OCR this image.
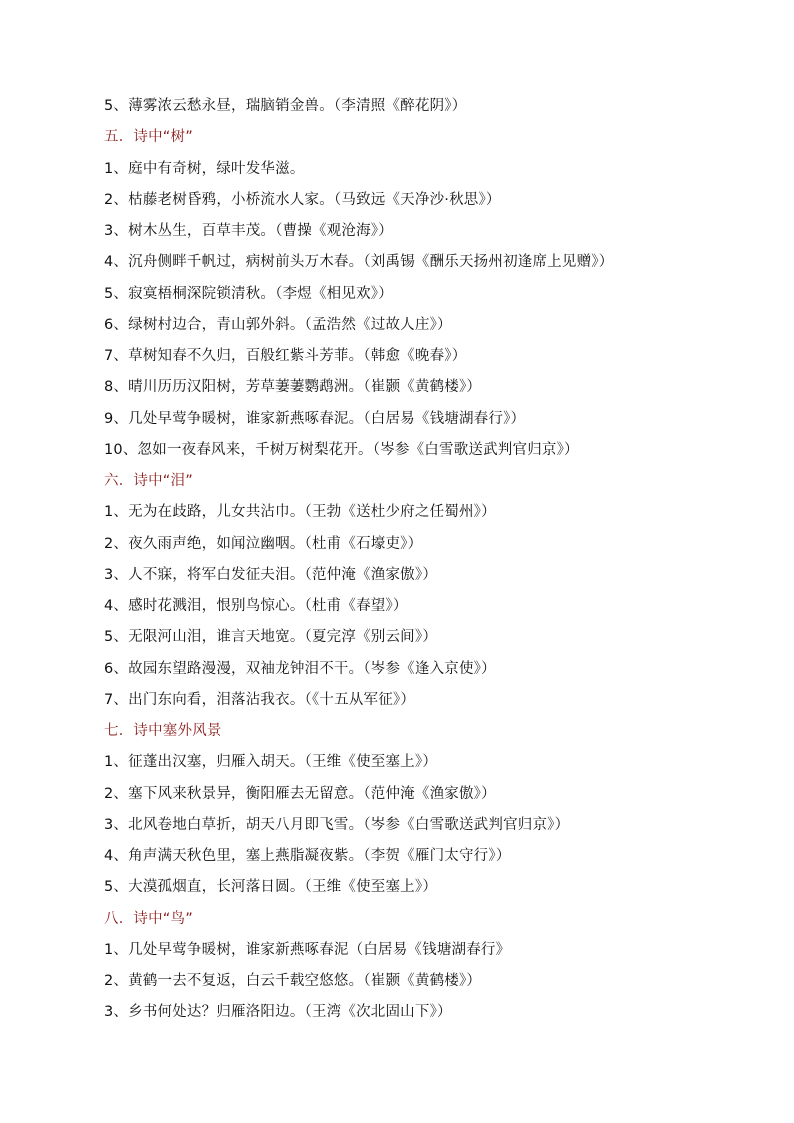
5、薄雾浓云愁永昼，瑞脑销金兽。（李清照《醉花阴》）
五．诗中“树”
1、庭中有奇树，绿叶发华滋。
2、枯藤老树昏鸦，小桥流水人家。（马致远《天净沙·秋思》）
3、树木丛生，百草丰茂。（曹操《观沧海》）
4、沉舟侧畔千帆过，病树前头万木春。（刘禹锡《酬乐天扬州初逢席上见赠》）
5、寂寞梧桐深院锁清秋。（李煜《相见欢》）
6、绿树村边合，青山郭外斜。（孟浩然《过故人庄》）
7、草树知春不久归，百般红紫斗芳菲。（韩愈《晚春》）
8、晴川历历汉阳树，芳草萋萋鹦鹉洲。（崔颢《黄鹤楼》）
9、几处早莺争暖树，谁家新燕啄春泥。（白居易《钱塘湖春行》）
10、忽如一夜春风来，千树万树梨花开。（岑参《白雪歌送武判官归京》）
六．诗中“泪”
1、无为在歧路，儿女共沾巾。（王勃《送杜少府之任蜀州》）
2、夜久雨声绝，如闻泣幽咽。（杜甫《石壕吏》）
3、人不寐，将军白发征夫泪。（范仲淹《渔家傲》）
4、感时花溅泪，恨别鸟惊心。（杜甫《春望》）
5、无限河山泪，谁言天地宽。（夏完淳《别云间》）
6、故园东望路漫漫，双袖龙钟泪不干。（岑参《逢入京使》）
7、出门东向看，泪落沾我衣。（《十五从军征》）
七．诗中塞外风景
1、征蓬出汉塞，归雁入胡天。（王维《使至塞上》）
2、塞下风来秋景异，衡阳雁去无留意。（范仲淹《渔家傲》）
3、北风卷地白草折，胡天八月即飞雪。（岑参《白雪歌送武判官归京》）
4、角声满天秋色里，塞上燕脂凝夜紫。（李贺《雁门太守行》）
5、大漠孤烟直，长河落日圆。（王维《使至塞上》）
八．诗中“鸟”
1、几处早莺争暖树，谁家新燕啄春泥（白居易《钱塘湖春行》
2、黄鹤一去不复返，白云千载空悠悠。（崔颢《黄鹤楼》）
3、乡书何处达？归雁洛阳边。（王湾《次北固山下》）
